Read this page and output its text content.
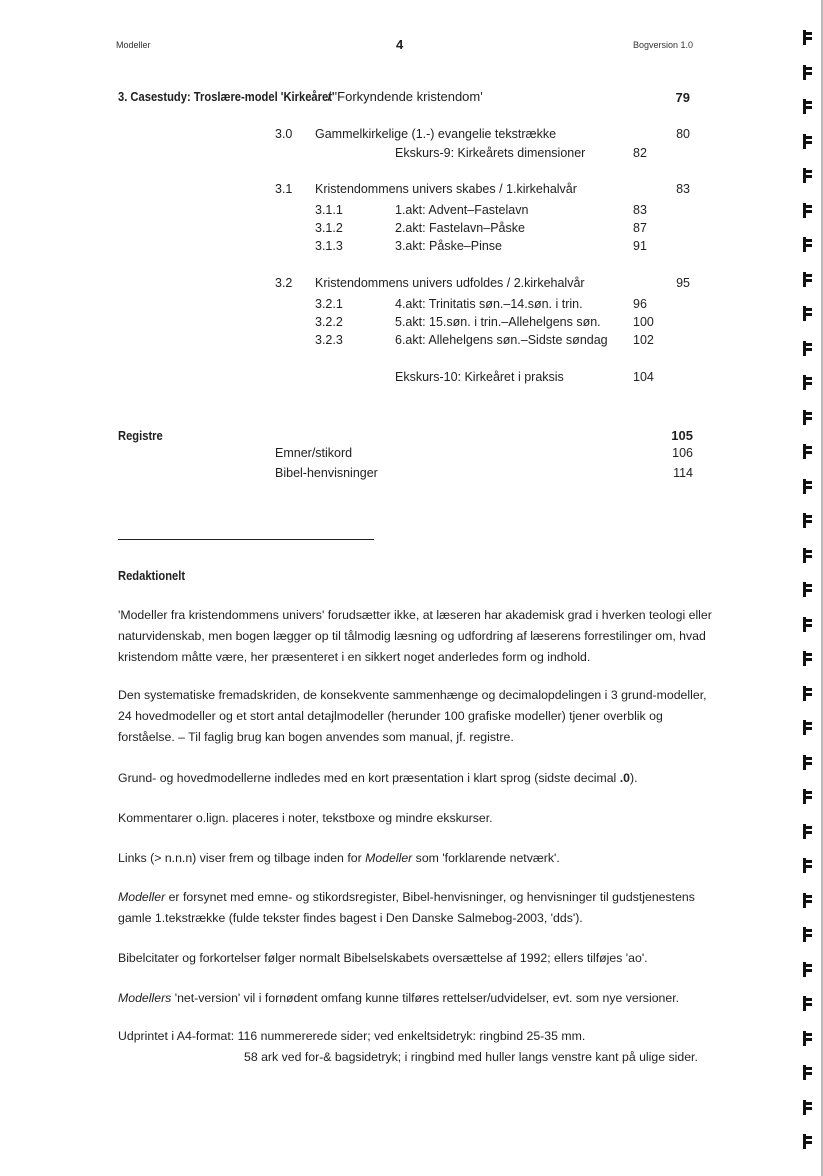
Modeller	4	Bogversion 1.0
3. Casestudy: Troslære-model 'Kirkeåret' / 'Forkyndende kristendom'	79
3.0 Gammelkirkelige (1.-) evangelie tekstrække	80
Ekskurs-9: Kirkeårets dimensioner	82
3.1 Kristendommens univers skabes / 1.kirkehalvår	83
3.1.1	1.akt: Advent–Fastelavn	83
3.1.2	2.akt: Fastelavn–Påske	87
3.1.3	3.akt: Påske–Pinse	91
3.2 Kristendommens univers udfoldes / 2.kirkehalvår	95
3.2.1	4.akt: Trinitatis søn.–14.søn. i trin.	96
3.2.2	5.akt: 15.søn. i trin.–Allehelgens søn.	100
3.2.3	6.akt: Allehelgens søn.–Sidste søndag 102
Ekskurs-10: Kirkeåret i praksis	104
Registre	105
Emner/stikord	106
Bibel-henvisninger	114
Redaktionelt

'Modeller fra kristendommens univers' forudsætter ikke, at læseren har akademisk grad i hverken teologi eller naturvidenskab, men bogen lægger op til tålmodig læsning og udfordring af læserens forrestilinger om, hvad kristendom måtte være, her præsenteret i en sikkert noget anderledes form og indhold.

Den systematiske fremadskriden, de konsekvente sammenhænge og decimalopdelingen i 3 grund-modeller, 24 hovedmodeller og et stort antal detajlmodeller (herunder 100 grafiske modeller) tjener overblik og forståelse. – Til faglig brug kan bogen anvendes som manual, jf. registre.

Grund- og hovedmodellerne indledes med en kort præsentation i klart sprog (sidste decimal .0).

Kommentarer o.lign. placeres i noter, tekstboxe og mindre ekskurser.

Links (> n.n.n) viser frem og tilbage inden for Modeller som 'forklarende netværk'.

Modeller er forsynet med emne- og stikordsregister, Bibel-henvisninger, og henvisninger til gudstjenestens gamle 1.tekstrække (fulde tekster findes bagest i Den Danske Salmebog-2003, 'dds').

Bibelcitater og forkortelser følger normalt Bibelselskabets oversættelse af 1992; ellers tilføjes 'ao'.

Modellers 'net-version' vil i fornødent omfang kunne tilføres rettelser/udvidelser, evt. som nye versioner.

Udprintet i A4-format: 116 nummererede sider; ved enkeltsidetryk: ringbind 25-35 mm.
58 ark ved for-& bagsidetryk; i ringbind med huller langs venstre kant på ulige sider.
